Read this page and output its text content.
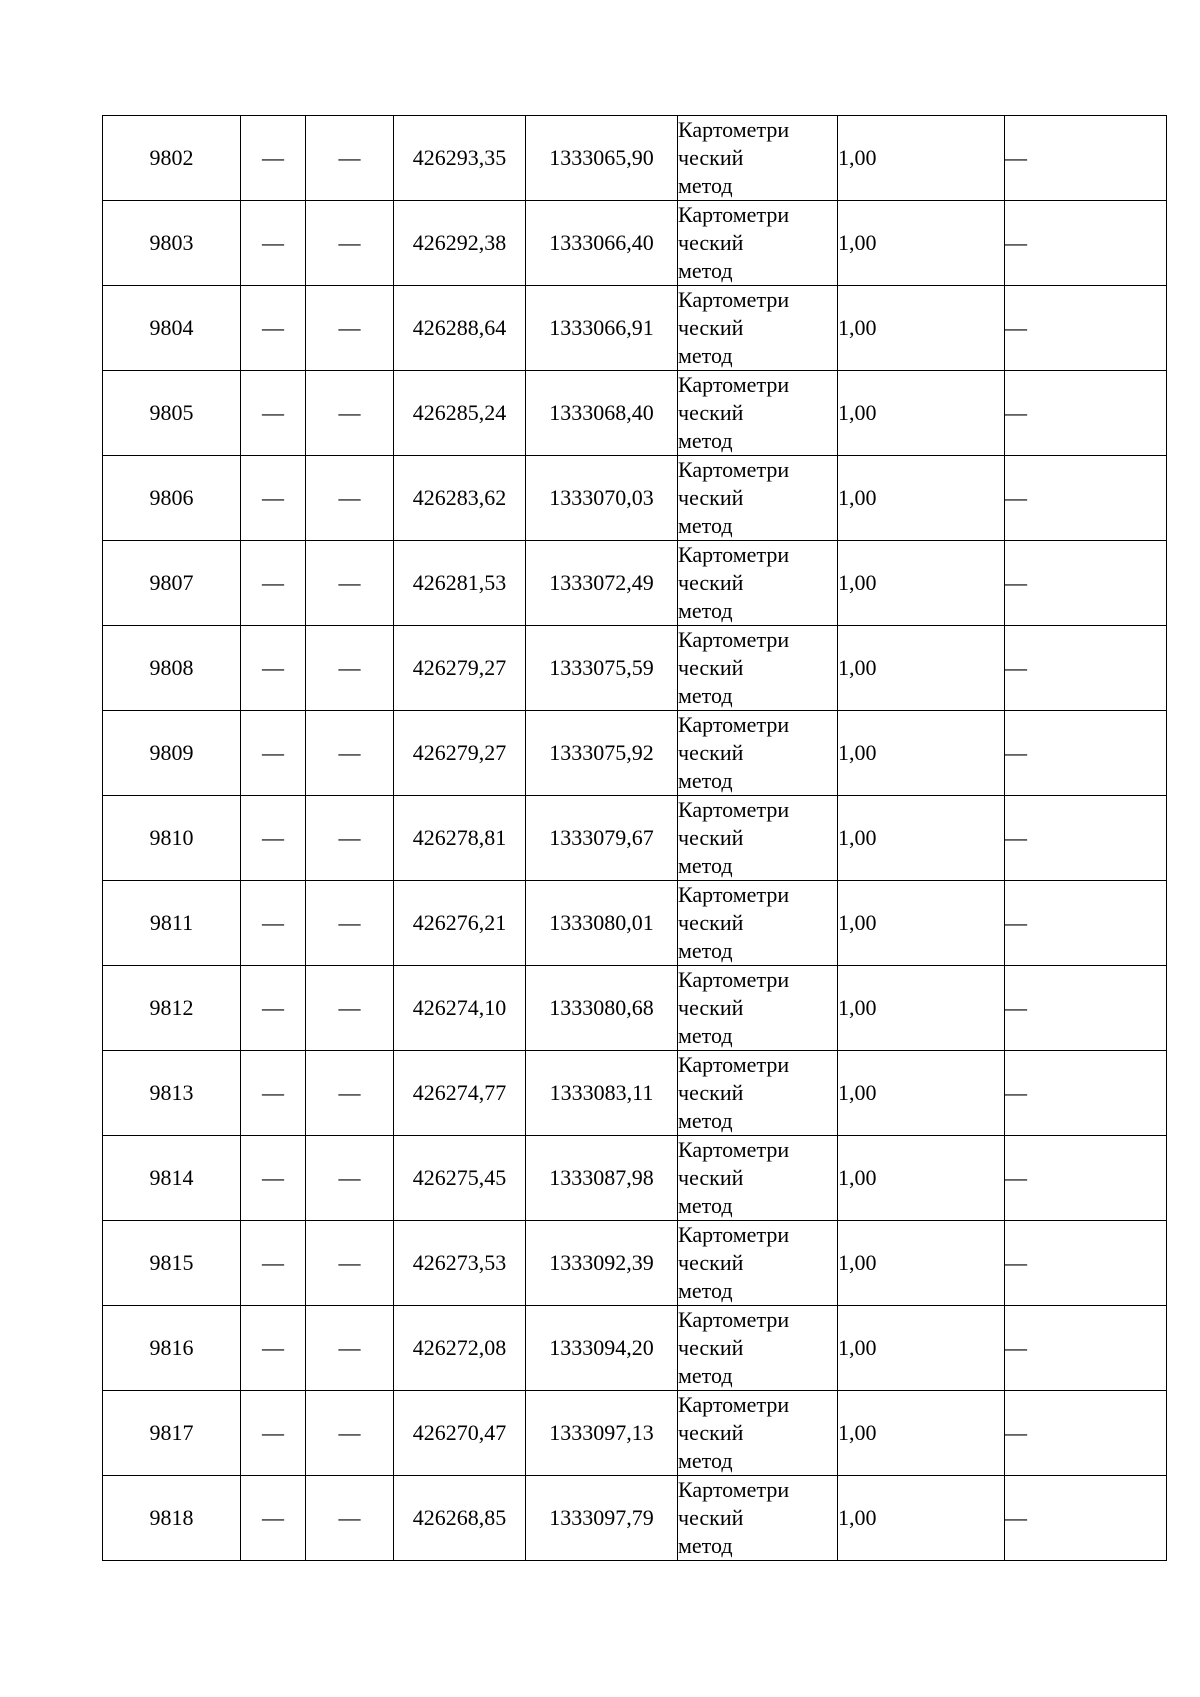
9802	—	—	426293,35	1333065,90	Картометри
ческий
метод	1,00	—
9803	—	—	426292,38	1333066,40	Картометри
ческий
метод	1,00	—
9804	—	—	426288,64	1333066,91	Картометри
ческий
метод	1,00	—
9805	—	—	426285,24	1333068,40	Картометри
ческий
метод	1,00	—
9806	—	—	426283,62	1333070,03	Картометри
ческий
метод	1,00	—
9807	—	—	426281,53	1333072,49	Картометри
ческий
метод	1,00	—
9808	—	—	426279,27	1333075,59	Картометри
ческий
метод	1,00	—
9809	—	—	426279,27	1333075,92	Картометри
ческий
метод	1,00	—
9810	—	—	426278,81	1333079,67	Картометри
ческий
метод	1,00	—
9811	—	—	426276,21	1333080,01	Картометри
ческий
метод	1,00	—
9812	—	—	426274,10	1333080,68	Картометри
ческий
метод	1,00	—
9813	—	—	426274,77	1333083,11	Картометри
ческий
метод	1,00	—
9814	—	—	426275,45	1333087,98	Картометри
ческий
метод	1,00	—
9815	—	—	426273,53	1333092,39	Картометри
ческий
метод	1,00	—
9816	—	—	426272,08	1333094,20	Картометри
ческий
метод	1,00	—
9817	—	—	426270,47	1333097,13	Картометри
ческий
метод	1,00	—
9818	—	—	426268,85	1333097,79	Картометри
ческий
метод	1,00	—
